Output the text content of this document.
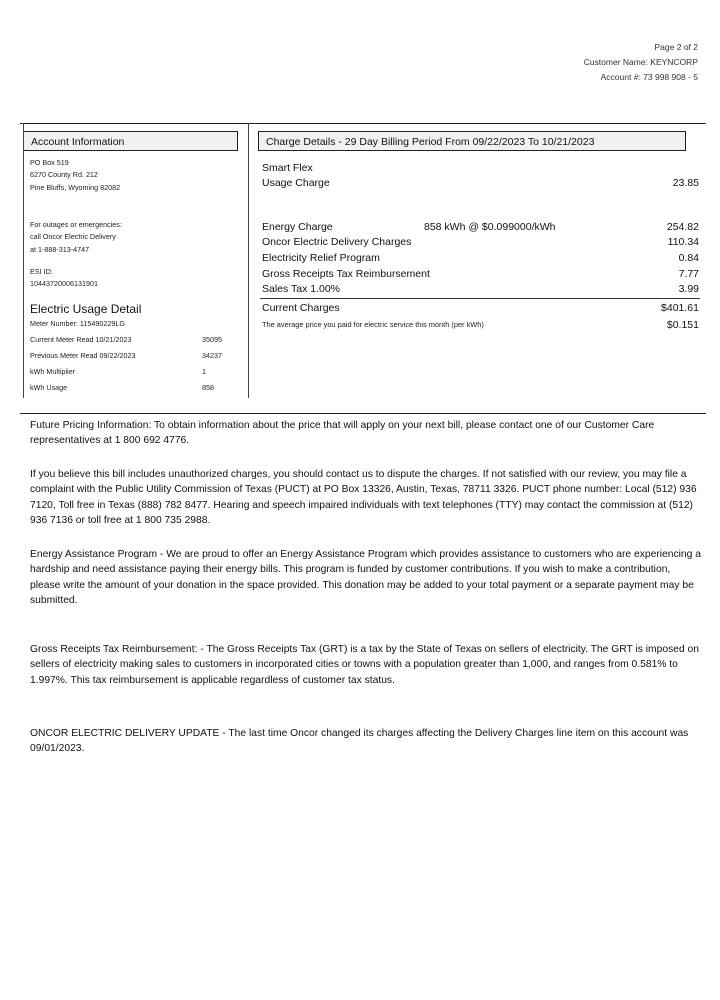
Page 2 of 2
Customer Name: KEYNCORP
Account #: 73 998 908 - 5
Account Information	Charge Details - 29 Day Billing Period From 09/22/2023 To 10/21/2023
PO Box 519
6270 County Rd. 212
Pine Bluffs, Wyoming 82082
For outages or emergencies:
call Oncor Electric Delivery
at 1-888-313-4747
ESI ID:
10443720006131901
Electric Usage Detail
Meter Number: 115490229LG
Current Meter Read 10/21/2023	35095
Previous Meter Read 09/22/2023	34237
kWh Multiplier	1
kWh Usage	858
Smart Flex
Usage Charge	23.85
Energy Charge	858 kWh @ $0.099000/kWh	254.82
Oncor Electric Delivery Charges	110.34
Electricity Relief Program	0.84
Gross Receipts Tax Reimbursement	7.77
Sales Tax 1.00%	3.99
Current Charges	$401.61
The average price you paid for electric service this month (per kWh)	$0.151
Future Pricing Information: To obtain information about the price that will apply on your next bill, please contact one of our Customer Care representatives at 1 800 692 4776.
If you believe this bill includes unauthorized charges, you should contact us to dispute the charges. If not satisfied with our review, you may file a complaint with the Public Utility Commission of Texas (PUCT) at PO Box 13326, Austin, Texas, 78711 3326. PUCT phone number: Local (512) 936 7120, Toll free in Texas (888) 782 8477. Hearing and speech impaired individuals with text telephones (TTY) may contact the commission at (512) 936 7136 or toll free at 1 800 735 2988.
Energy Assistance Program - We are proud to offer an Energy Assistance Program which provides assistance to customers who are experiencing a hardship and need assistance paying their energy bills. This program is funded by customer contributions. If you wish to make a contribution, please write the amount of your donation in the space provided. This donation may be added to your total payment or a separate payment may be submitted.
Gross Receipts Tax Reimbursement: - The Gross Receipts Tax (GRT) is a tax by the State of Texas on sellers of electricity. The GRT is imposed on sellers of electricity making sales to customers in incorporated cities or towns with a population greater than 1,000, and ranges from 0.581% to 1.997%. This tax reimbursement is applicable regardless of customer tax status.
ONCOR ELECTRIC DELIVERY UPDATE - The last time Oncor changed its charges affecting the Delivery Charges line item on this account was 09/01/2023.
